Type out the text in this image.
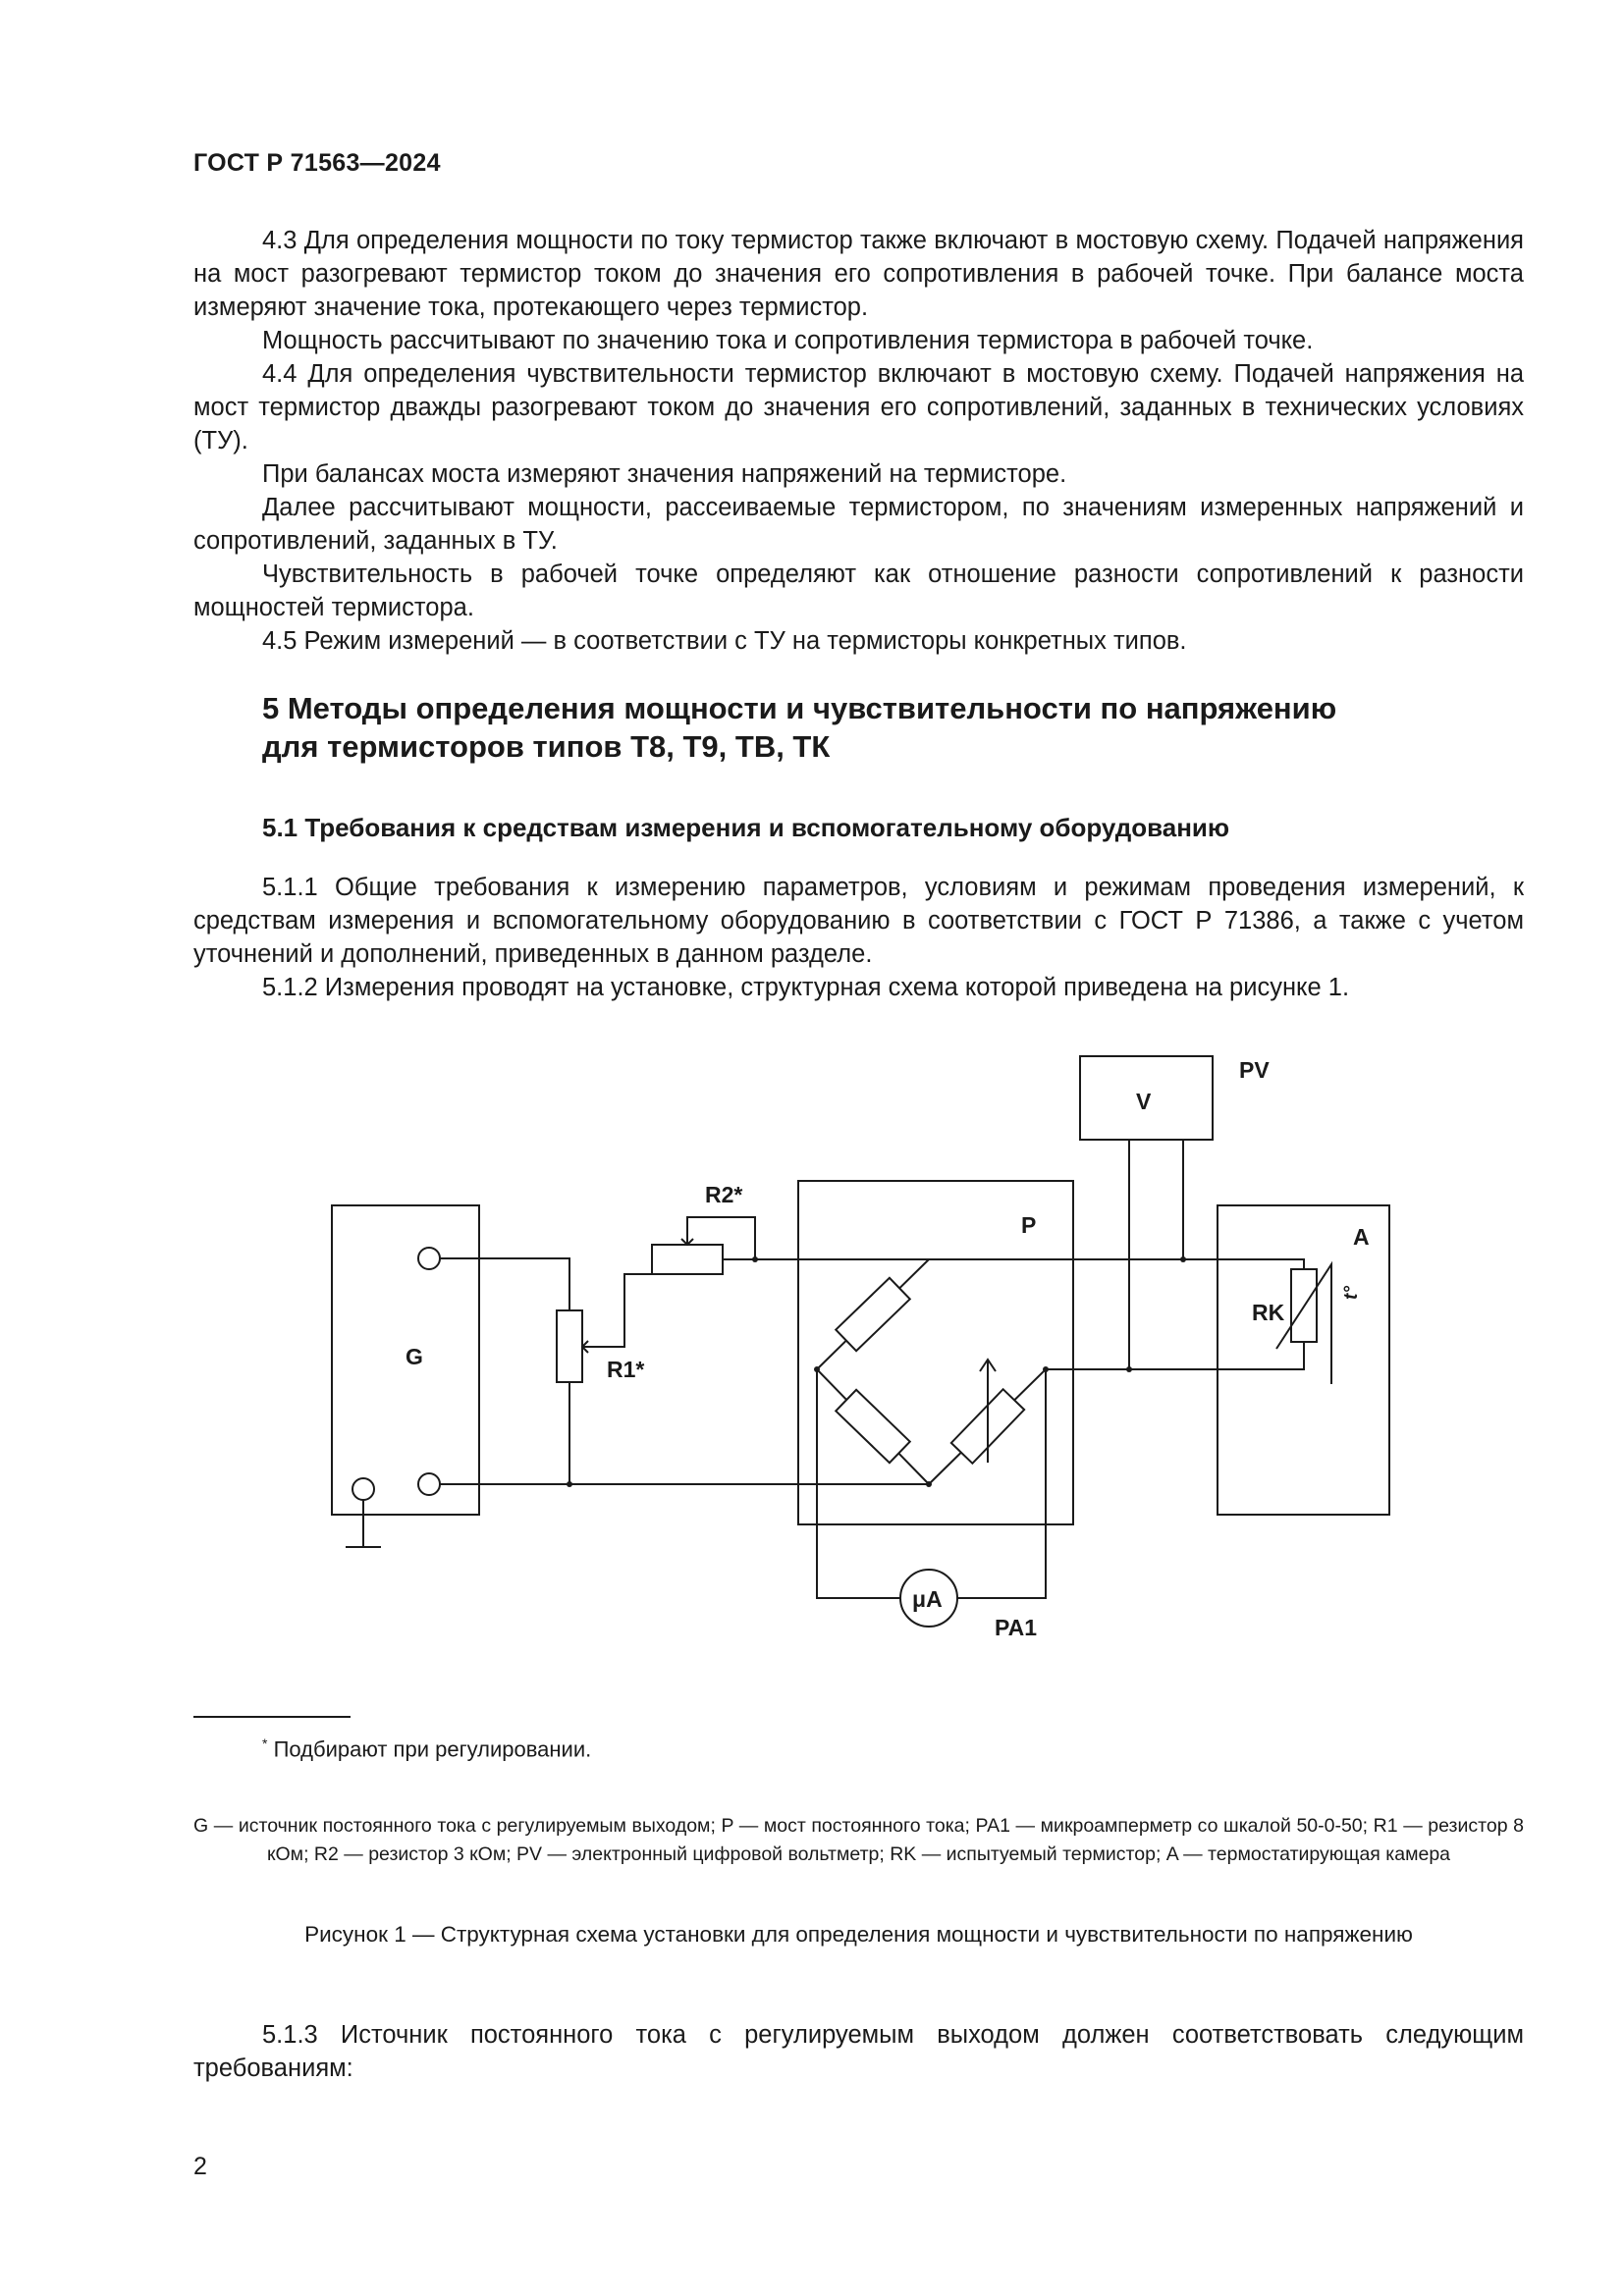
ГОСТ Р 71563—2024

4.3 Для определения мощности по току термистор также включают в мостовую схему. Подачей напряжения на мост разогревают термистор током до значения его сопротивления в рабочей точке. При балансе моста измеряют значение тока, протекающего через термистор.

Мощность рассчитывают по значению тока и сопротивления термистора в рабочей точке.

4.4 Для определения чувствительности термистор включают в мостовую схему. Подачей напряжения на мост термистор дважды разогревают током до значения его сопротивлений, заданных в технических условиях (ТУ).

При балансах моста измеряют значения напряжений на термисторе.

Далее рассчитывают мощности, рассеиваемые термистором, по значениям измеренных напряжений и сопротивлений, заданных в ТУ.

Чувствительность в рабочей точке определяют как отношение разности сопротивлений к разности мощностей термистора.

4.5 Режим измерений — в соответствии с ТУ на термисторы конкретных типов.

5 Методы определения мощности и чувствительности по напряжению
для термисторов типов Т8, Т9, ТВ, ТК
5.1 Требования к средствам измерения и вспомогательному оборудованию

5.1.1 Общие требования к измерению параметров, условиям и режимам проведения измерений, к средствам измерения и вспомогательному оборудованию в соответствии с ГОСТ Р 71386, а также с учетом уточнений и дополнений, приведенных в данном разделе.

5.1.2 Измерения проводят на установке, структурная схема которой приведена на рисунке 1.

G	R1*
R2*
P
V
PV
A
RK
t°
μA
PA1
* Подбирают при регулировании.
G — источник постоянного тока с регулируемым выходом; P — мост постоянного тока; PA1 — микроамперметр со шкалой 50-0-50; R1 — резистор 8 кОм; R2 — резистор 3 кОм; PV — электронный цифровой вольтметр; RK — испытуемый термистор; A — термостатирующая камера
Рисунок 1 — Структурная схема установки для определения мощности и чувствительности по напряжению

5.1.3 Источник постоянного тока с регулируемым выходом должен соответствовать следующим требованиям:

2
